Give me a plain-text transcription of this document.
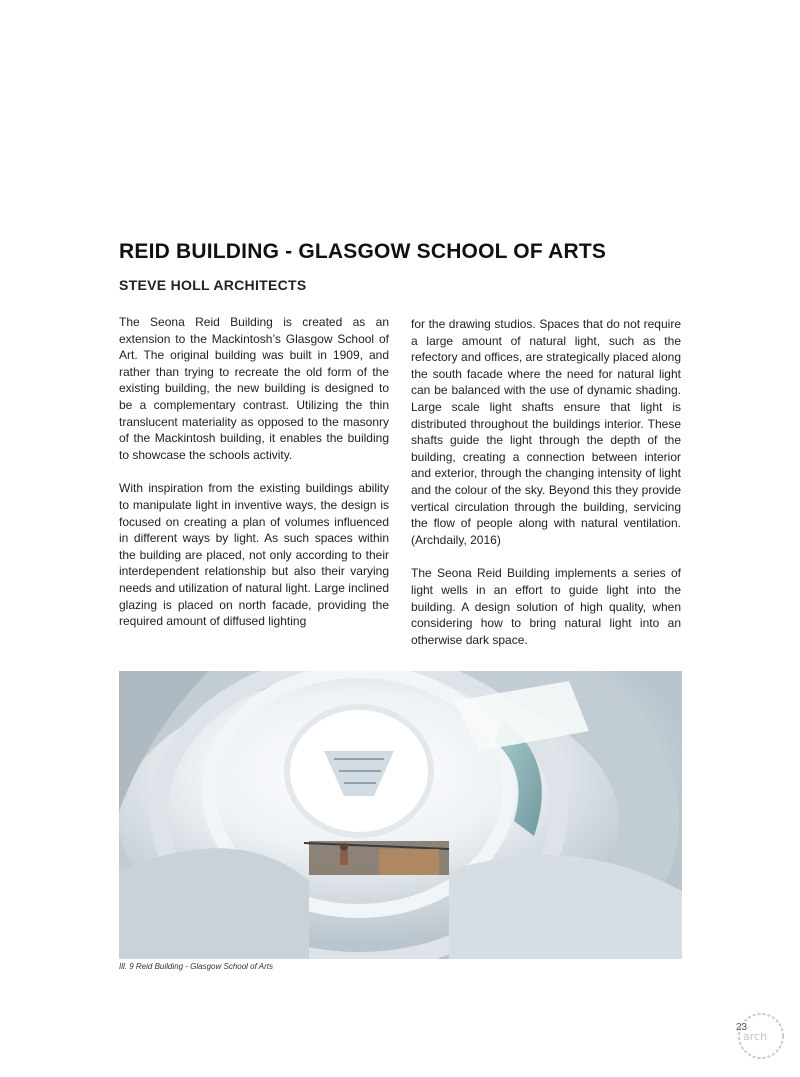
REID BUILDING - GLASGOW SCHOOL OF ARTS
STEVE HOLL ARCHITECTS

The Seona Reid Building is created as an extension to the Mackintosh’s Glasgow School of Art. The original building was built in 1909, and rather than trying to recreate the old form of the existing building, the new building is designed to be a complementary contrast. Utilizing the thin translucent materiality as opposed to the masonry of the Mackintosh building, it enables the building to showcase the schools activity.

With inspiration from the existing buildings ability to manipulate light in inventive ways, the design is focused on creating a plan of volumes influenced in different ways by light. As such spaces within the building are placed, not only according to their interdependent relationship but also their varying needs and utilization of natural light. Large inclined glazing is placed on north facade, providing the required amount of diffused lighting

for the drawing studios. Spaces that do not require a large amount of natural light, such as the refectory and offices, are strategically placed along the south facade where the need for natural light can be balanced with the use of dynamic shading. Large scale light shafts ensure that light is distributed throughout the buildings interior. These shafts guide the light through the depth of the building, creating a connection between interior and exterior, through the changing intensity of light and the colour of the sky. Beyond this they provide vertical circulation through the building, servicing the flow of people along with natural ventilation. (Archdaily, 2016)

The Seona Reid Building implements a series of light wells in an effort to guide light into the building. A design solution of high quality, when considering how to bring natural light into an otherwise dark space.

Ill. 9 Reid Building - Glasgow School of Arts
arch
23
